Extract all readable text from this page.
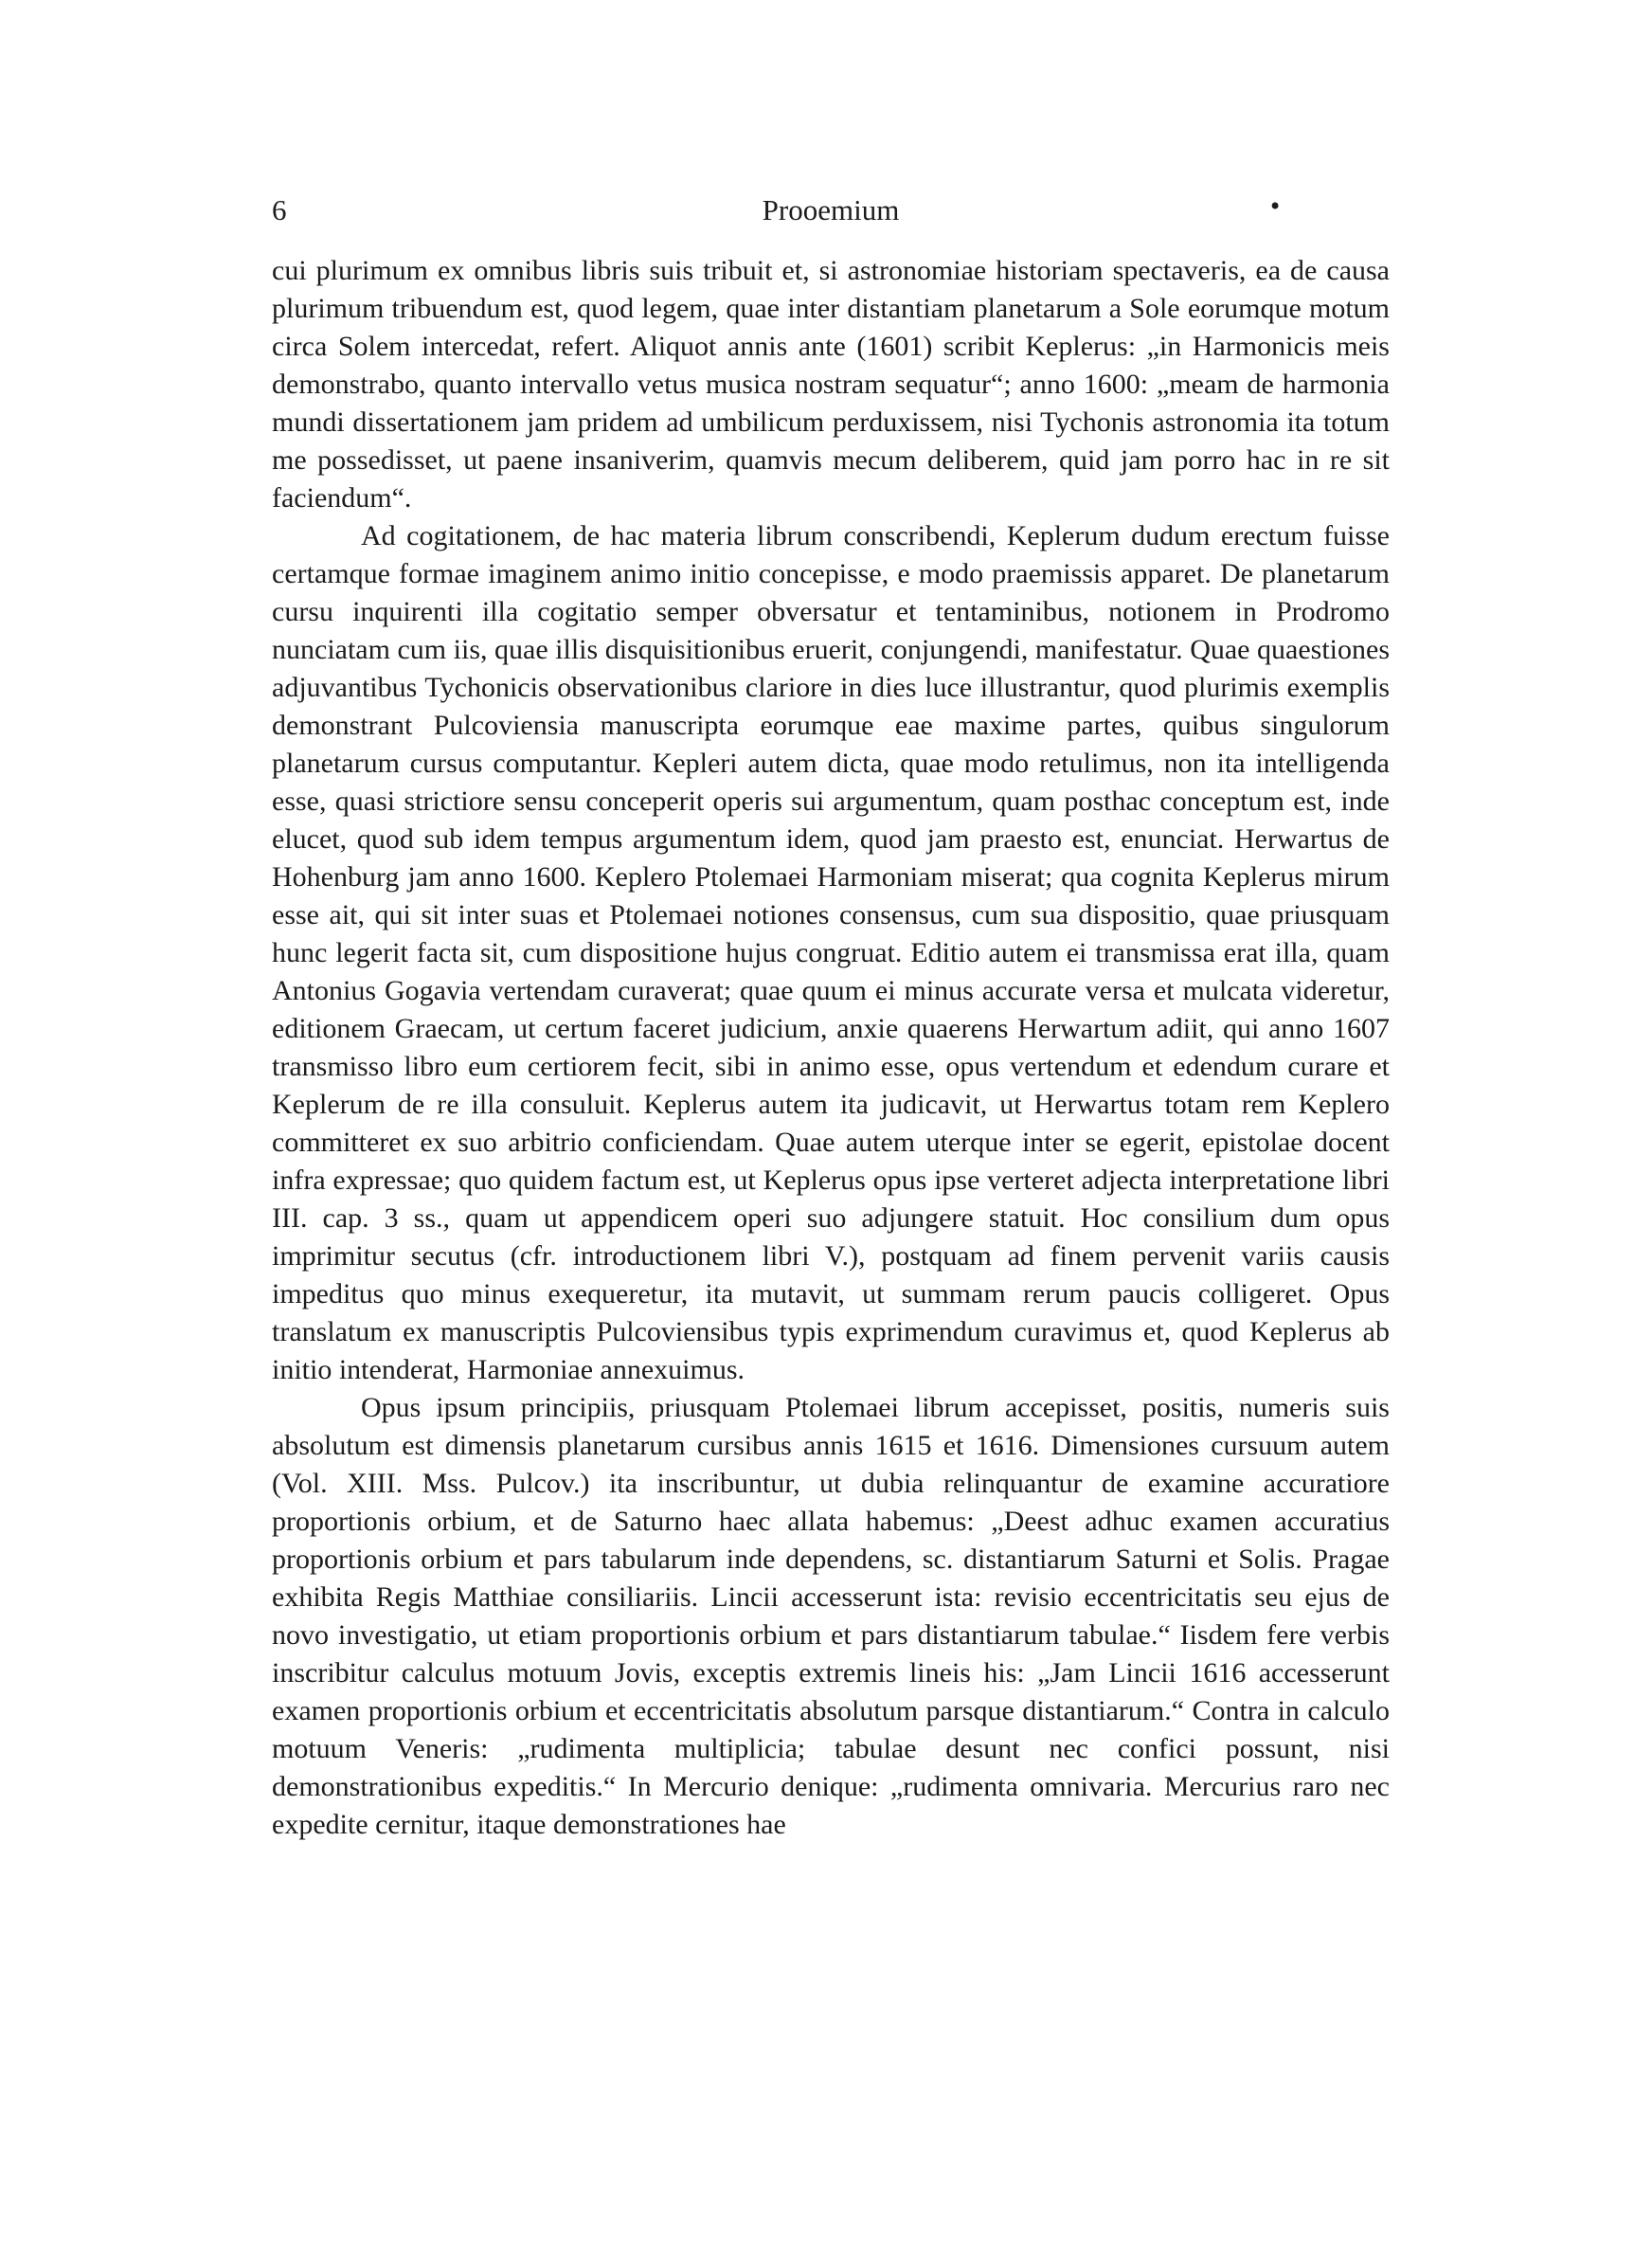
6	Prooemium	•

cui plurimum ex omnibus libris suis tribuit et, si astronomiae historiam spectaveris, ea de causa plurimum tribuendum est, quod legem, quae inter distantiam planetarum a Sole eorumque motum circa Solem intercedat, refert. Aliquot annis ante (1601) scribit Keplerus: „in Harmonicis meis demonstrabo, quanto intervallo vetus musica nostram sequatur“; anno 1600: „meam de harmonia mundi dissertationem jam pridem ad umbilicum perduxissem, nisi Tychonis astronomia ita totum me possedisset, ut paene insaniverim, quamvis mecum deliberem, quid jam porro hac in re sit faciendum“.

Ad cogitationem, de hac materia librum conscribendi, Keplerum dudum erectum fuisse certamque formae imaginem animo initio concepisse, e modo praemissis apparet. De planetarum cursu inquirenti illa cogitatio semper obversatur et tentaminibus, notionem in Prodromo nunciatam cum iis, quae illis disquisitionibus eruerit, conjungendi, manifestatur. Quae quaestiones adjuvantibus Tychonicis observationibus clariore in dies luce illustrantur, quod plurimis exemplis demonstrant Pulcoviensia manuscripta eorumque eae maxime partes, quibus singulorum planetarum cursus computantur. Kepleri autem dicta, quae modo retulimus, non ita intelligenda esse, quasi strictiore sensu conceperit operis sui argumentum, quam posthac conceptum est, inde elucet, quod sub idem tempus argumentum idem, quod jam praesto est, enunciat. Herwartus de Hohenburg jam anno 1600. Keplero Ptolemaei Harmoniam miserat; qua cognita Keplerus mirum esse ait, qui sit inter suas et Ptolemaei notiones consensus, cum sua dispositio, quae priusquam hunc legerit facta sit, cum dispositione hujus congruat. Editio autem ei transmissa erat illa, quam Antonius Gogavia vertendam curaverat; quae quum ei minus accurate versa et mulcata videretur, editionem Graecam, ut certum faceret judicium, anxie quaerens Herwartum adiit, qui anno 1607 transmisso libro eum certiorem fecit, sibi in animo esse, opus vertendum et edendum curare et Keplerum de re illa consuluit. Keplerus autem ita judicavit, ut Herwartus totam rem Keplero committeret ex suo arbitrio conficiendam. Quae autem uterque inter se egerit, epistolae docent infra expressae; quo quidem factum est, ut Keplerus opus ipse verteret adjecta interpretatione libri III. cap. 3 ss., quam ut appendicem operi suo adjungere statuit. Hoc consilium dum opus imprimitur secutus (cfr. introductionem libri V.), postquam ad finem pervenit variis causis impeditus quo minus exequeretur, ita mutavit, ut summam rerum paucis colligeret. Opus translatum ex manuscriptis Pulcoviensibus typis exprimendum curavimus et, quod Keplerus ab initio intenderat, Harmoniae annexuimus.

Opus ipsum principiis, priusquam Ptolemaei librum accepisset, positis, numeris suis absolutum est dimensis planetarum cursibus annis 1615 et 1616. Dimensiones cursuum autem (Vol. XIII. Mss. Pulcov.) ita inscribuntur, ut dubia relinquantur de examine accuratiore proportionis orbium, et de Saturno haec allata habemus: „Deest adhuc examen accuratius proportionis orbium et pars tabularum inde dependens, sc. distantiarum Saturni et Solis. Pragae exhibita Regis Matthiae consiliariis. Lincii accesserunt ista: revisio eccentricitatis seu ejus de novo investigatio, ut etiam proportionis orbium et pars distantiarum tabulae.“ Iisdem fere verbis inscribitur calculus motuum Jovis, exceptis extremis lineis his: „Jam Lincii 1616 accesserunt examen proportionis orbium et eccentricitatis absolutum parsque distantiarum.“ Contra in calculo motuum Veneris: „rudimenta multiplicia; tabulae desunt nec confici possunt, nisi demonstrationibus expeditis.“ In Mercurio denique: „rudimenta omnivaria. Mercurius raro nec expedite cernitur, itaque demonstrationes hae
